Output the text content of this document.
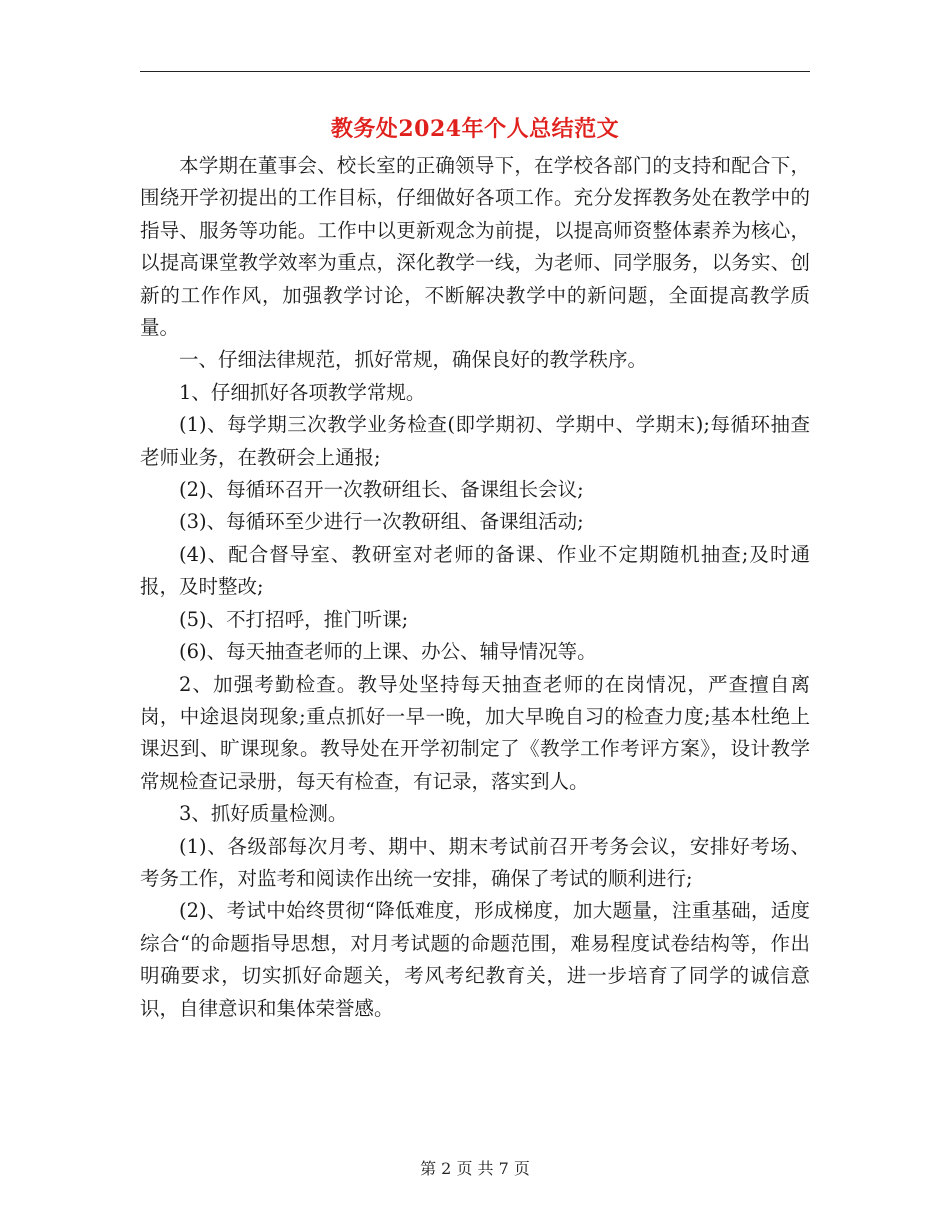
教务处2024年个人总结范文

本学期在董事会、校长室的正确领导下，在学校各部门的支持和配合下，围绕开学初提出的工作目标，仔细做好各项工作。充分发挥教务处在教学中的指导、服务等功能。工作中以更新观念为前提，以提高师资整体素养为核心，以提高课堂教学效率为重点，深化教学一线，为老师、同学服务，以务实、创新的工作作风，加强教学讨论，不断解决教学中的新问题，全面提高教学质量。

一、仔细法律规范，抓好常规，确保良好的教学秩序。

1、仔细抓好各项教学常规。

(1)、每学期三次教学业务检查(即学期初、学期中、学期末);每循环抽查老师业务，在教研会上通报;

(2)、每循环召开一次教研组长、备课组长会议;

(3)、每循环至少进行一次教研组、备课组活动;

(4)、配合督导室、教研室对老师的备课、作业不定期随机抽查;及时通报，及时整改;

(5)、不打招呼，推门听课;

(6)、每天抽查老师的上课、办公、辅导情况等。

2、加强考勤检查。教导处坚持每天抽查老师的在岗情况，严查擅自离岗，中途退岗现象;重点抓好一早一晚，加大早晚自习的检查力度;基本杜绝上课迟到、旷课现象。教导处在开学初制定了《教学工作考评方案》，设计教学常规检查记录册，每天有检查，有记录，落实到人。

3、抓好质量检测。

(1)、各级部每次月考、期中、期末考试前召开考务会议，安排好考场、考务工作，对监考和阅读作出统一安排，确保了考试的顺利进行;

(2)、考试中始终贯彻“降低难度，形成梯度，加大题量，注重基础，适度综合“的命题指导思想，对月考试题的命题范围，难易程度试卷结构等，作出明确要求，切实抓好命题关，考风考纪教育关，进一步培育了同学的诚信意识，自律意识和集体荣誉感。

第 2 页 共 7 页
